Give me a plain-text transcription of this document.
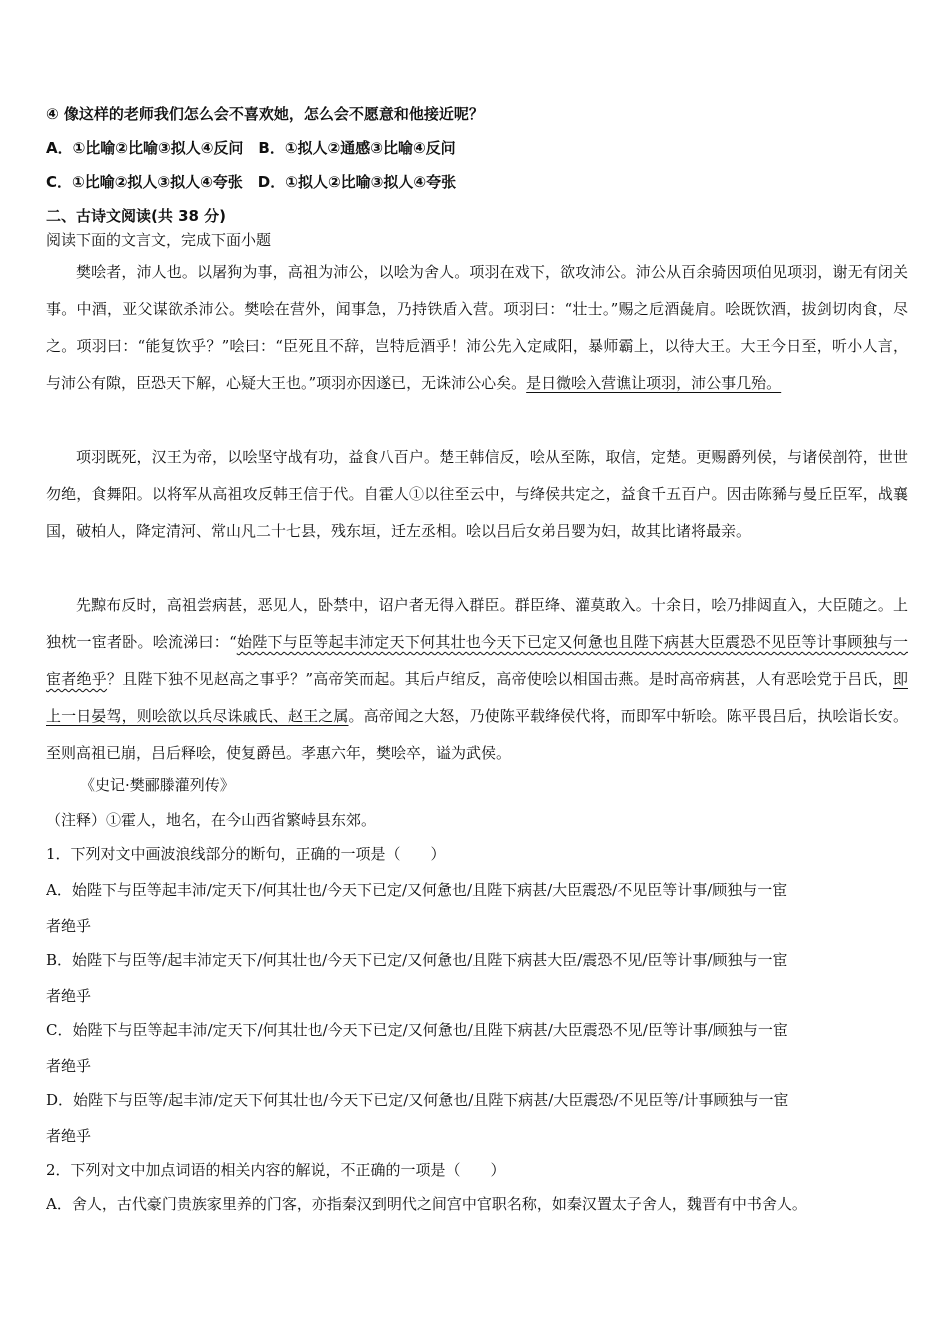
④ 像这样的老师我们怎么会不喜欢她，怎么会不愿意和他接近呢？
A．①比喻②比喻③拟人④反问　B．①拟人②通感③比喻④反问
C．①比喻②拟人③拟人④夸张　D．①拟人②比喻③拟人④夸张
二、古诗文阅读(共 38 分)
阅读下面的文言文，完成下面小题
樊哙者，沛人也。以屠狗为事，高祖为沛公，以哙为舍人。项羽在戏下，欲攻沛公。沛公从百余骑因项伯见项羽，谢无有闭关事。中酒，亚父谋欲杀沛公。樊哙在营外，闻事急，乃持铁盾入营。项羽曰：“壮士。”赐之卮酒彘肩。哙既饮酒，拔剑切肉食，尽之。项羽曰：“能复饮乎？”哙曰：“臣死且不辞，岂特卮酒乎！沛公先入定咸阳，暴师霸上，以待大王。大王今日至，听小人言，与沛公有隙，臣恐天下解，心疑大王也。”项羽亦因遂已，无诛沛公心矣。是日微哙入营谯让项羽，沛公事几殆。
项羽既死，汉王为帝，以哙坚守战有功，益食八百户。楚王韩信反，哙从至陈，取信，定楚。更赐爵列侯，与诸侯剖符，世世勿绝，食舞阳。以将军从高祖攻反韩王信于代。自霍人①以往至云中，与绛侯共定之，益食千五百户。因击陈豨与曼丘臣军，战襄国，破柏人，降定清河、常山凡二十七县，残东垣，迁左丞相。哙以吕后女弟吕婴为妇，故其比诸将最亲。
先黥布反时，高祖尝病甚，恶见人，卧禁中，诏户者无得入群臣。群臣绛、灌莫敢入。十余日，哙乃排闼直入，大臣随之。上独枕一宦者卧。哙流涕曰：“始陛下与臣等起丰沛定天下何其壮也今天下已定又何惫也且陛下病甚大臣震恐不见臣等计事顾独与一宦者绝乎？且陛下独不见赵高之事乎？”高帝笑而起。其后卢绾反，高帝使哙以相国击燕。是时高帝病甚，人有恶哙党于吕氏，即上一日晏驾，则哙欲以兵尽诛戚氏、赵王之属。高帝闻之大怒，乃使陈平载绛侯代将，而即军中斩哙。陈平畏吕后，执哙诣长安。至则高祖已崩，吕后释哙，使复爵邑。孝惠六年，樊哙卒，谥为武侯。
《史记·樊郦滕灌列传》
（注释）①霍人，地名，在今山西省繁峙县东郊。
1．下列对文中画波浪线部分的断句，正确的一项是（　　）
A．始陛下与臣等起丰沛/定天下/何其壮也/今天下已定/又何惫也/且陛下病甚/大臣震恐/不见臣等计事/顾独与一宦
者绝乎
B．始陛下与臣等/起丰沛定天下/何其壮也/今天下已定/又何惫也/且陛下病甚大臣/震恐不见/臣等计事/顾独与一宦
者绝乎
C．始陛下与臣等起丰沛/定天下/何其壮也/今天下已定/又何惫也/且陛下病甚/大臣震恐不见/臣等计事/顾独与一宦
者绝乎
D．始陛下与臣等/起丰沛/定天下何其壮也/今天下已定/又何惫也/且陛下病甚/大臣震恐/不见臣等/计事顾独与一宦
者绝乎
2．下列对文中加点词语的相关内容的解说，不正确的一项是（　　）
A．舍人，古代豪门贵族家里养的门客，亦指秦汉到明代之间宫中官职名称，如秦汉置太子舍人，魏晋有中书舍人。
